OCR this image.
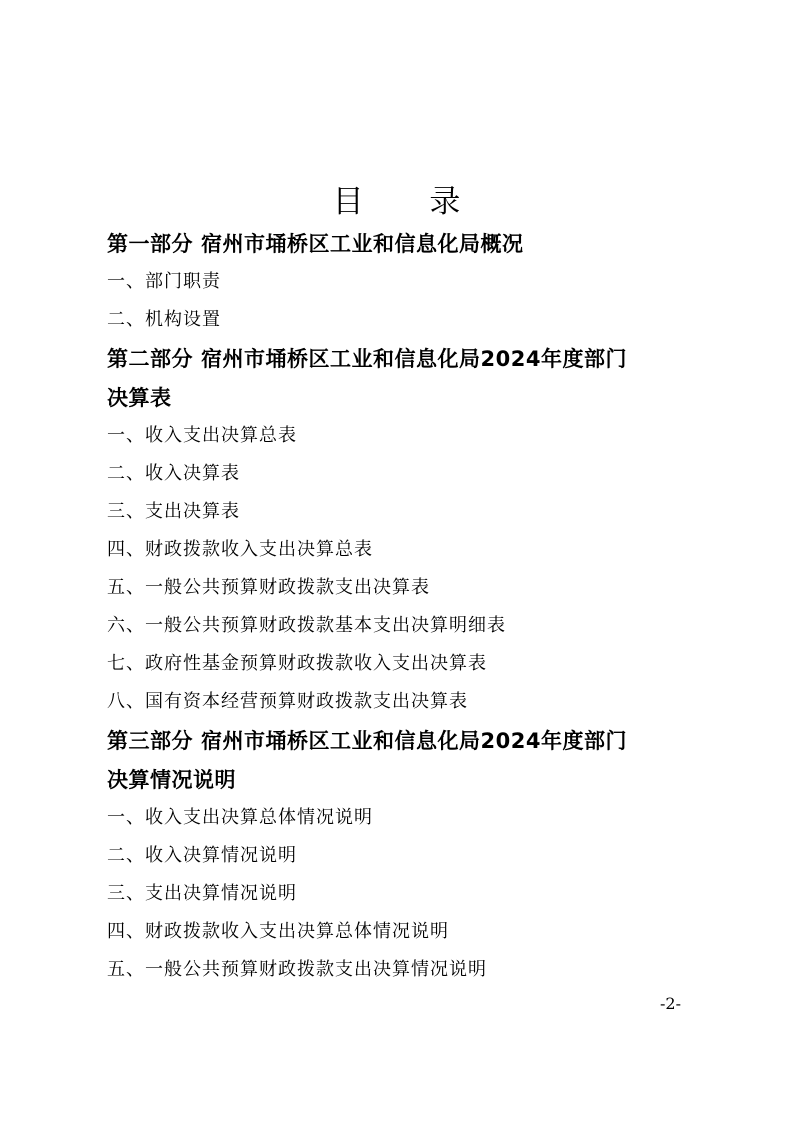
目 录

第一部分 宿州市埇桥区工业和信息化局概况

一、部门职责

二、机构设置

第二部分 宿州市埇桥区工业和信息化局2024年度部门

决算表

一、收入支出决算总表

二、收入决算表

三、支出决算表

四、财政拨款收入支出决算总表

五、一般公共预算财政拨款支出决算表

六、一般公共预算财政拨款基本支出决算明细表

七、政府性基金预算财政拨款收入支出决算表

八、国有资本经营预算财政拨款支出决算表

第三部分 宿州市埇桥区工业和信息化局2024年度部门

决算情况说明

一、收入支出决算总体情况说明

二、收入决算情况说明

三、支出决算情况说明

四、财政拨款收入支出决算总体情况说明

五、一般公共预算财政拨款支出决算情况说明

-2-
